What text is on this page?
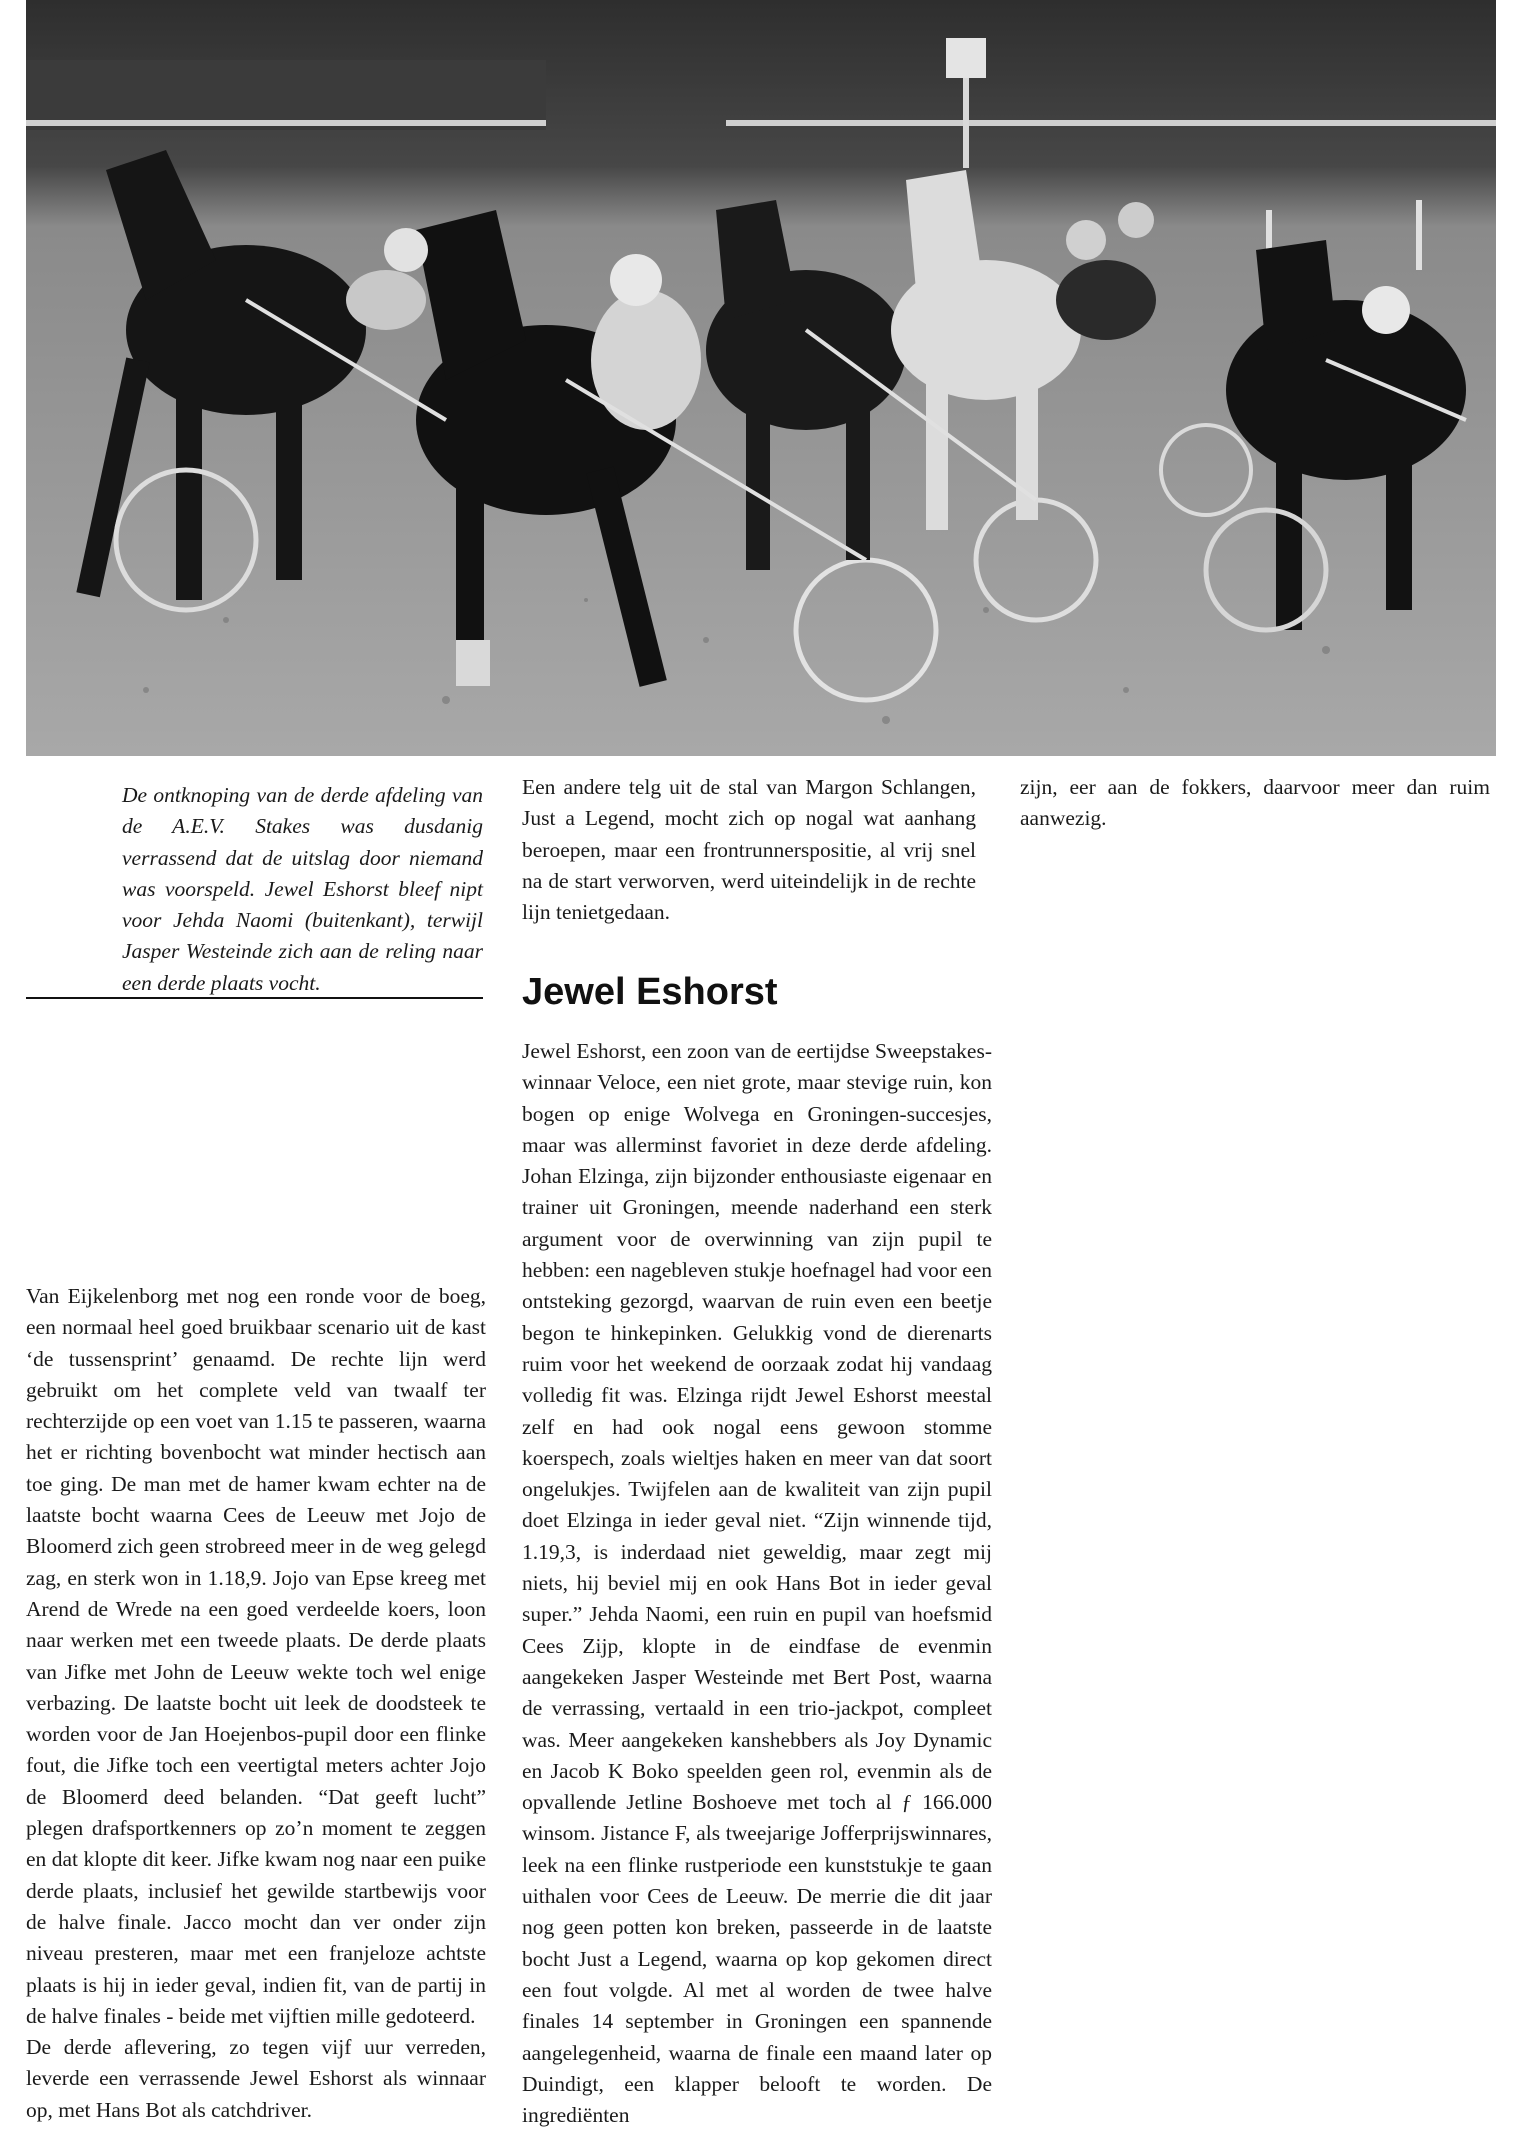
De ontknoping van de derde afdeling van de A.E.V. Stakes was dusdanig verrassend dat de uitslag door niemand was voorspeld. Jewel Eshorst bleef nipt voor Jehda Naomi (buitenkant), terwijl Jasper Westeinde zich aan de reling naar een derde plaats vocht.

Van Eijkelenborg met nog een ronde voor de boeg, een normaal heel goed bruikbaar scenario uit de kast ‘de tussensprint’ genaamd. De rechte lijn werd gebruikt om het complete veld van twaalf ter rechterzijde op een voet van 1.15 te passeren, waarna het er richting bovenbocht wat minder hectisch aan toe ging. De man met de hamer kwam echter na de laatste bocht waarna Cees de Leeuw met Jojo de Bloomerd zich geen strobreed meer in de weg gelegd zag, en sterk won in 1.18,9. Jojo van Epse kreeg met Arend de Wrede na een goed verdeelde koers, loon naar werken met een tweede plaats. De derde plaats van Jifke met John de Leeuw wekte toch wel enige verbazing. De laatste bocht uit leek de doodsteek te worden voor de Jan Hoejenbos-pupil door een flinke fout, die Jifke toch een veertigtal meters achter Jojo de Bloomerd deed belanden. “Dat geeft lucht” plegen drafsportkenners op zo’n moment te zeggen en dat klopte dit keer. Jifke kwam nog naar een puike derde plaats, inclusief het gewilde startbewijs voor de halve finale. Jacco mocht dan ver onder zijn niveau presteren, maar met een franjeloze achtste plaats is hij in ieder geval, indien fit, van de partij in de halve finales - beide met vijftien mille gedoteerd.

De derde aflevering, zo tegen vijf uur verreden, leverde een verrassende Jewel Eshorst als winnaar op, met Hans Bot als catchdriver.

Een andere telg uit de stal van Margon Schlangen, Just a Legend, mocht zich op nogal wat aanhang beroepen, maar een frontrunnerspositie, al vrij snel na de start verworven, werd uiteindelijk in de rechte lijn tenietgedaan.
Jewel Eshorst
Jewel Eshorst, een zoon van de eertijdse Sweepstakes-winnaar Veloce, een niet grote, maar stevige ruin, kon bogen op enige Wolvega en Groningen-succesjes, maar was allerminst favoriet in deze derde afdeling. Johan Elzinga, zijn bijzonder enthousiaste eigenaar en trainer uit Groningen, meende naderhand een sterk argument voor de overwinning van zijn pupil te hebben: een nagebleven stukje hoefnagel had voor een ontsteking gezorgd, waarvan de ruin even een beetje begon te hinkepinken. Gelukkig vond de dierenarts ruim voor het weekend de oorzaak zodat hij vandaag volledig fit was. Elzinga rijdt Jewel Eshorst meestal zelf en had ook nogal eens gewoon stomme koerspech, zoals wieltjes haken en meer van dat soort ongelukjes. Twijfelen aan de kwaliteit van zijn pupil doet Elzinga in ieder geval niet. “Zijn winnende tijd, 1.19,3, is inderdaad niet geweldig, maar zegt mij niets, hij beviel mij en ook Hans Bot in ieder geval super.” Jehda Naomi, een ruin en pupil van hoefsmid Cees Zijp, klopte in de eindfase de evenmin aangekeken Jasper Westeinde met Bert Post, waarna de verrassing, vertaald in een trio-jackpot, compleet was. Meer aangekeken kanshebbers als Joy Dynamic en Jacob K Boko speelden geen rol, evenmin als de opvallende Jetline Boshoeve met toch al ƒ 166.000 winsom. Jistance F, als tweejarige Jofferprijswinnares, leek na een flinke rustperiode een kunststukje te gaan uithalen voor Cees de Leeuw. De merrie die dit jaar nog geen potten kon breken, passeerde in de laatste bocht Just a Legend, waarna op kop gekomen direct een fout volgde. Al met al worden de twee halve finales 14 september in Groningen een spannende aangelegenheid, waarna de finale een maand later op Duindigt, een klapper belooft te worden. De ingrediënten
zijn, eer aan de fokkers, daarvoor meer dan ruim aanwezig.
